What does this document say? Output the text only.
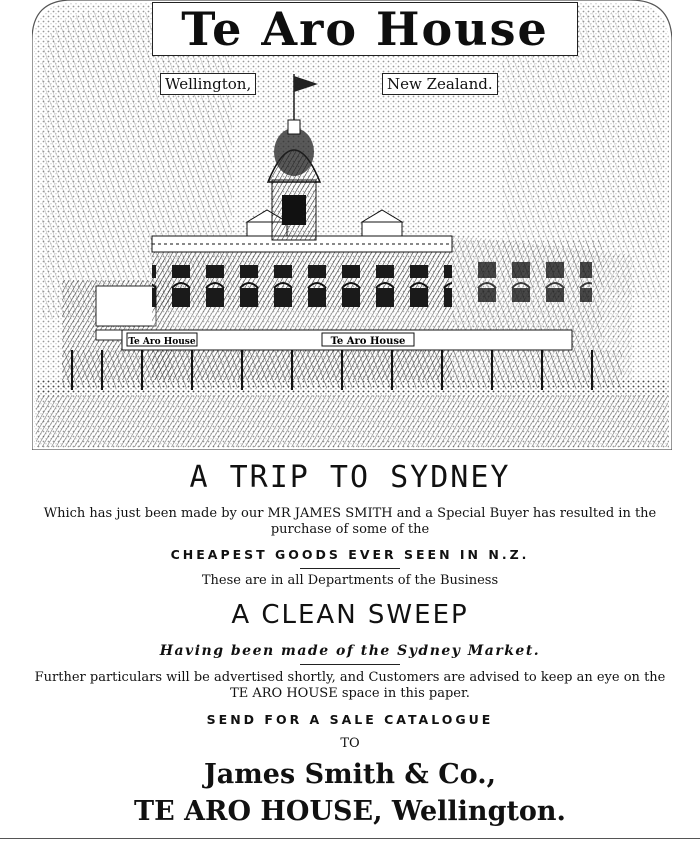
Te Aro House	Te Aro House
Te Aro House
Wellington,	New Zealand.
A TRIP TO SYDNEY
Which has just been made by our MR JAMES SMITH and a Special Buyer has resulted in the
purchase of some of the
CHEAPEST GOODS EVER SEEN IN N.Z.
These are in all Departments of the Business
A CLEAN SWEEP
Having been made of the Sydney Market.
Further particulars will be advertised shortly, and Customers are advised to keep an eye on the
TE ARO HOUSE space in this paper.
SEND FOR A SALE CATALOGUE
TO
James Smith & Co.,
TE ARO HOUSE, Wellington.
